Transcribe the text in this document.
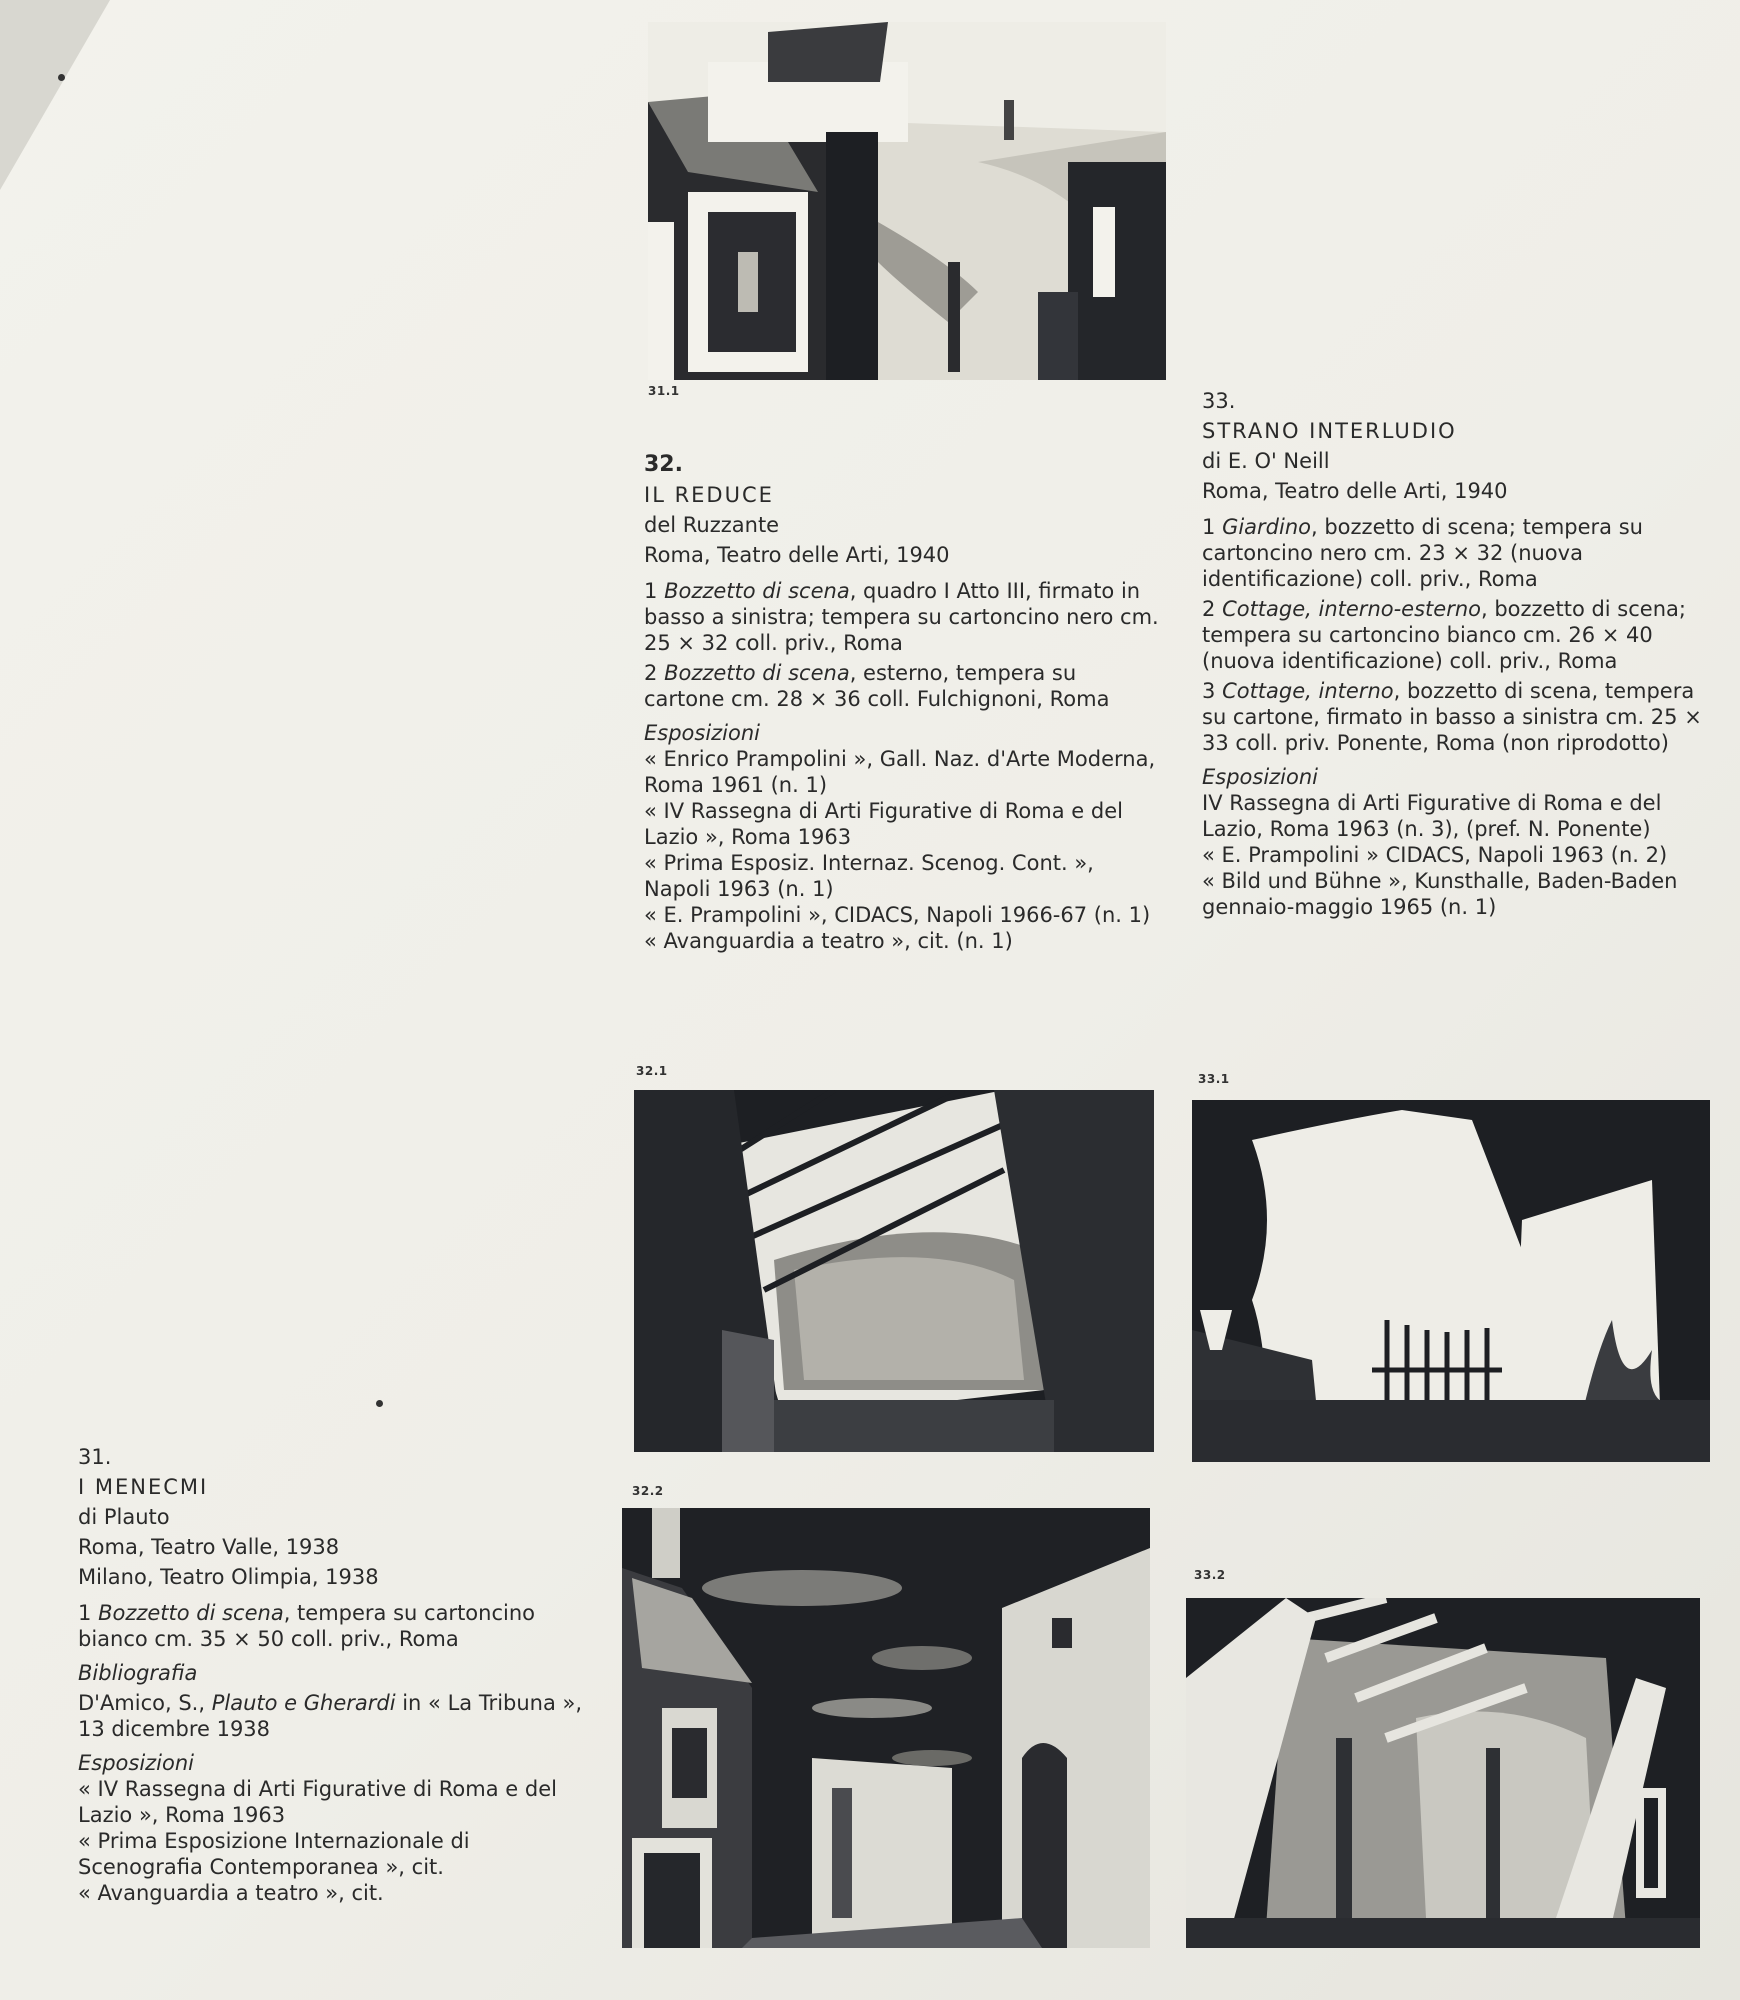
31.1
32.
IL REDUCE
del Ruzzante
Roma, Teatro delle Arti, 1940
1 Bozzetto di scena, quadro I Atto III, firmato in basso a sinistra; tempera su cartoncino nero cm. 25 × 32 coll. priv., Roma
2 Bozzetto di scena, esterno, tempera su cartone cm. 28 × 36 coll. Fulchignoni, Roma
Esposizioni
« Enrico Prampolini », Gall. Naz. d'Arte Moderna, Roma 1961 (n. 1)
« IV Rassegna di Arti Figurative di Roma e del Lazio », Roma 1963
« Prima Esposiz. Internaz. Scenog. Cont. », Napoli 1963 (n. 1)
« E. Prampolini », CIDACS, Napoli 1966-67 (n. 1)
« Avanguardia a teatro », cit. (n. 1)
33.
STRANO INTERLUDIO
di E. O' Neill
Roma, Teatro delle Arti, 1940
1 Giardino, bozzetto di scena; tempera su cartoncino nero cm. 23 × 32 (nuova identificazione) coll. priv., Roma
2 Cottage, interno-esterno, bozzetto di scena; tempera su cartoncino bianco cm. 26 × 40 (nuova identificazione) coll. priv., Roma
3 Cottage, interno, bozzetto di scena, tempera su cartone, firmato in basso a sinistra cm. 25 × 33 coll. priv. Ponente, Roma (non riprodotto)
Esposizioni
IV Rassegna di Arti Figurative di Roma e del Lazio, Roma 1963 (n. 3), (pref. N. Ponente)
« E. Prampolini » CIDACS, Napoli 1963 (n. 2)
« Bild und Bühne », Kunsthalle, Baden-Baden gennaio-maggio 1965 (n. 1)
32.1
33.1
32.2
33.2
31.
I MENECMI
di Plauto
Roma, Teatro Valle, 1938
Milano, Teatro Olimpia, 1938
1 Bozzetto di scena, tempera su cartoncino bianco cm. 35 × 50 coll. priv., Roma
Bibliografia
D'Amico, S., Plauto e Gherardi in « La Tribuna », 13 dicembre 1938
Esposizioni
« IV Rassegna di Arti Figurative di Roma e del Lazio », Roma 1963
« Prima Esposizione Internazionale di Scenografia Contemporanea », cit.
« Avanguardia a teatro », cit.
